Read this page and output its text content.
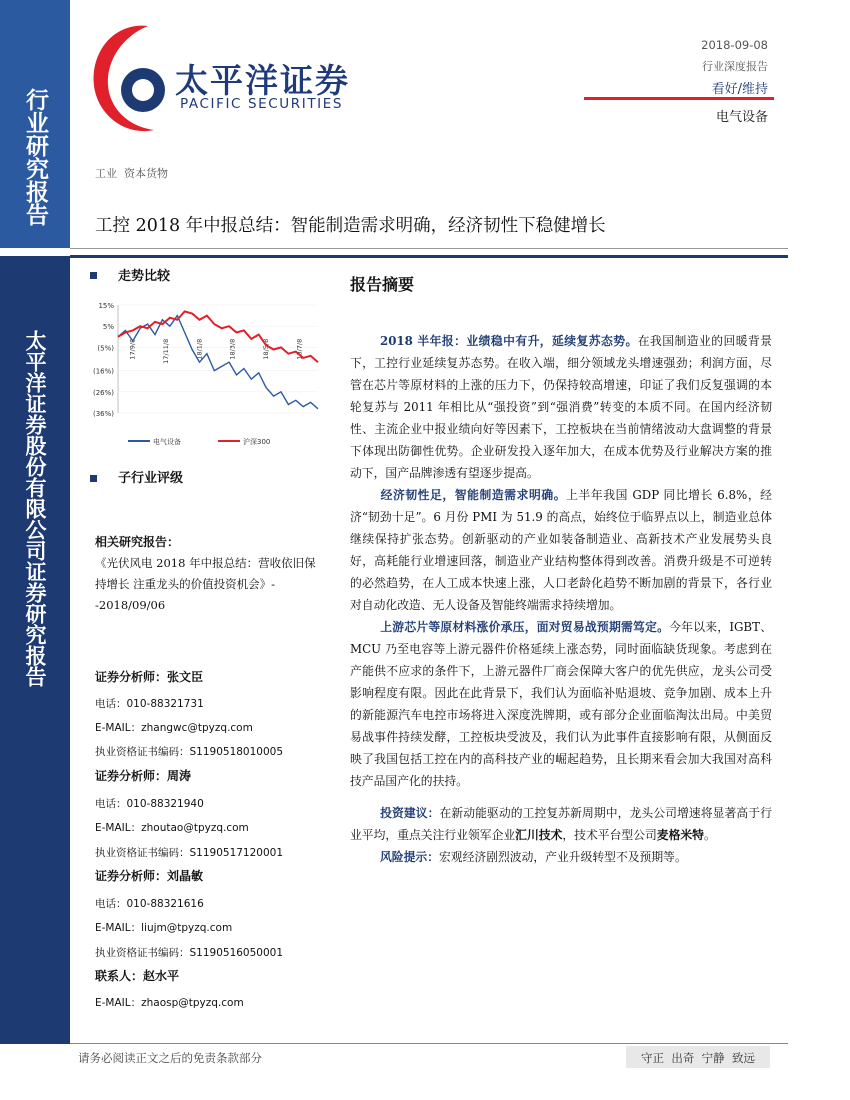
行业研究报告
太平洋证券股份有限公司证券研究报告
太平洋证券
PACIFIC SECURITIES
2018-09-08
行业深度报告
看好/维持
电气设备
工业  资本货物
工控 2018 年中报总结：智能制造需求明确，经济韧性下稳健增长
走势比较
15%
5%
(5%)
(16%)
(26%)
(36%)
17/9/8	17/11/8	18/1/8	18/3/8	18/5/8	18/7/8
电气设备	沪深300
子行业评级
相关研究报告：
《光伏风电 2018 年中报总结：营收依旧保持增长 注重龙头的价值投资机会》--2018/09/06
证券分析师：张文臣
电话：010-88321731
E-MAIL：zhangwc@tpyzq.com
执业资格证书编码：S1190518010005
证券分析师：周涛
电话：010-88321940
E-MAIL：zhoutao@tpyzq.com
执业资格证书编码：S1190517120001
证券分析师：刘晶敏
电话：010-88321616
E-MAIL：liujm@tpyzq.com
执业资格证书编码：S1190516050001
联系人：赵水平
E-MAIL：zhaosp@tpyzq.com
报告摘要

2018 半年报：业绩稳中有升，延续复苏态势。在我国制造业的回暖背景下，工控行业延续复苏态势。在收入端，细分领域龙头增速强劲；利润方面，尽管在芯片等原材料的上涨的压力下，仍保持较高增速，印证了我们反复强调的本轮复苏与 2011 年相比从“强投资”到“强消费”转变的本质不同。在国内经济韧性、主流企业中报业绩向好等因素下，工控板块在当前情绪波动大盘调整的背景下体现出防御性优势。企业研发投入逐年加大，在成本优势及行业解决方案的推动下，国产品牌渗透有望逐步提高。

经济韧性足，智能制造需求明确。上半年我国 GDP 同比增长 6.8%，经济“韧劲十足”。6 月份 PMI 为 51.9 的高点，始终位于临界点以上，制造业总体继续保持扩张态势。创新驱动的产业如装备制造业、高新技术产业发展势头良好，高耗能行业增速回落，制造业产业结构整体得到改善。消费升级是不可逆转的必然趋势，在人工成本快速上涨，人口老龄化趋势不断加剧的背景下，各行业对自动化改造、无人设备及智能终端需求持续增加。

上游芯片等原材料涨价承压，面对贸易战预期需笃定。今年以来，IGBT、MCU 乃至电容等上游元器件价格延续上涨态势，同时面临缺货现象。考虑到在产能供不应求的条件下，上游元器件厂商会保障大客户的优先供应，龙头公司受影响程度有限。因此在此背景下，我们认为面临补贴退坡、竞争加剧、成本上升的新能源汽车电控市场将进入深度洗牌期，或有部分企业面临淘汰出局。中美贸易战事件持续发酵，工控板块受波及，我们认为此事件直接影响有限，从侧面反映了我国包括工控在内的高科技产业的崛起趋势，且长期来看会加大我国对高科技产品国产化的扶持。

投资建议：在新动能驱动的工控复苏新周期中，龙头公司增速将显著高于行业平均，重点关注行业领军企业汇川技术，技术平台型公司麦格米特。

风险提示：宏观经济剧烈波动，产业升级转型不及预期等。

请务必阅读正文之后的免责条款部分	守正  出奇  宁静  致远
